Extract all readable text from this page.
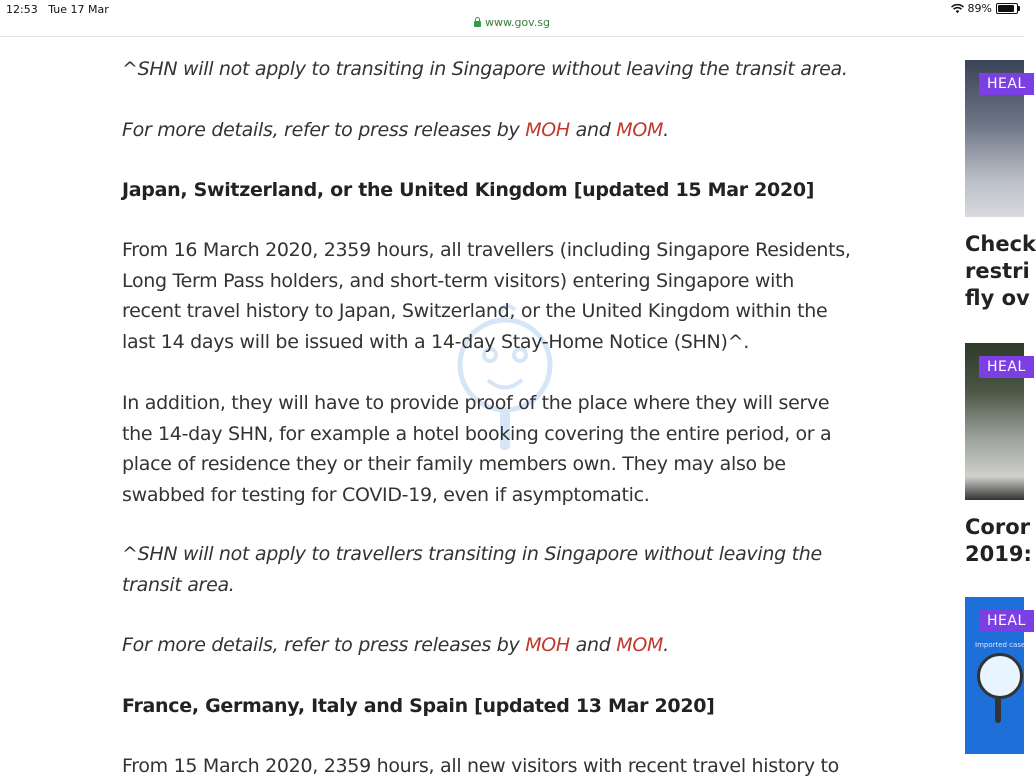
12:53 Tue 17 Mar
www.gov.sg
89%

^SHN will not apply to transiting in Singapore without leaving the transit area.

For more details, refer to press releases by MOH and MOM.

Japan, Switzerland, or the United Kingdom [updated 15 Mar 2020]

From 16 March 2020, 2359 hours, all travellers (including Singapore Residents,
Long Term Pass holders, and short-term visitors) entering Singapore with
recent travel history to Japan, Switzerland, or the United Kingdom within the
last 14 days will be issued with a 14-day Stay-Home Notice (SHN)^.

In addition, they will have to provide proof of the place where they will serve
the 14-day SHN, for example a hotel booking covering the entire period, or a
place of residence they or their family members own. They may also be
swabbed for testing for COVID-19, even if asymptomatic.

^SHN will not apply to travellers transiting in Singapore without leaving the
transit area.

For more details, refer to press releases by MOH and MOM.

France, Germany, Italy and Spain [updated 13 Mar 2020]

From 15 March 2020, 2359 hours, all new visitors with recent travel history to

HEAL
Check
restri
fly ov
HEAL
Coror
2019:
HEAL
Imported case
